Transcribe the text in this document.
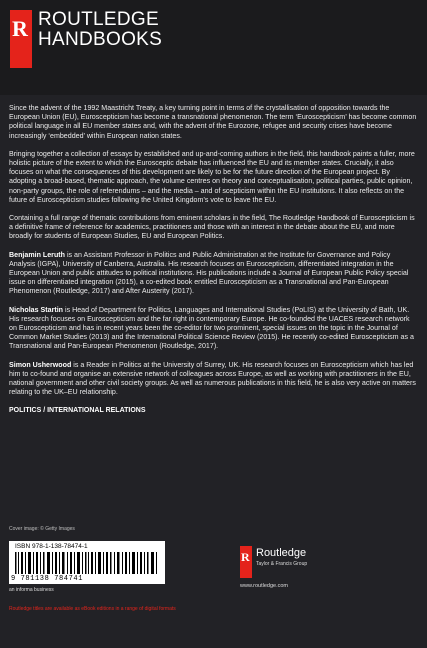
R ROUTLEDGE
HANDBOOKS

Since the advent of the 1992 Maastricht Treaty, a key turning point in terms of the crystallisation of opposition towards the European Union (EU), Euroscepticism has become a transnational phenomenon. The term ‘Euroscepticism’ has become common political language in all EU member states and, with the advent of the Eurozone, refugee and security crises have become increasingly ‘embedded’ within European nation states.

Bringing together a collection of essays by established and up-and-coming authors in the field, this handbook paints a fuller, more holistic picture of the extent to which the Eurosceptic debate has influenced the EU and its member states. Crucially, it also focuses on what the consequences of this development are likely to be for the future direction of the European project. By adopting a broad-based, thematic approach, the volume centres on theory and conceptualisation, political parties, public opinion, non-party groups, the role of referendums – and the media – and of scepticism within the EU institutions. It also reflects on the future of Euroscepticism studies following the United Kingdom’s vote to leave the EU.

Containing a full range of thematic contributions from eminent scholars in the field, The Routledge Handbook of Euroscepticism is a definitive frame of reference for academics, practitioners and those with an interest in the debate about the EU, and more broadly for students of European Studies, EU and European Politics.

Benjamin Leruth is an Assistant Professor in Politics and Public Administration at the Institute for Governance and Policy Analysis (IGPA), University of Canberra, Australia. His research focuses on Euroscepticism, differentiated integration in the European Union and public attitudes to political institutions. His publications include a Journal of European Public Policy special issue on differentiated integration (2015), a co-edited book entitled Euroscepticism as a Transnational and Pan-European Phenomenon (Routledge, 2017) and After Austerity (2017).

Nicholas Startin is Head of Department for Politics, Languages and International Studies (PoLIS) at the University of Bath, UK. His research focuses on Euroscepticism and the far right in contemporary Europe. He co-founded the UACES research network on Euroscepticism and has in recent years been the co-editor for two prominent, special issues on the topic in the Journal of Common Market Studies (2013) and the International Political Science Review (2015). He recently co-edited Euroscepticism as a Transnational and Pan-European Phenomenon (Routledge, 2017).

Simon Usherwood is a Reader in Politics at the University of Surrey, UK. His research focuses on Euroscepticism which has led him to co-found and organise an extensive network of colleagues across Europe, as well as working with practitioners in the EU, national government and other civil society groups. As well as numerous publications in this field, he is also very active on matters relating to the UK–EU relationship.

POLITICS / INTERNATIONAL RELATIONS
Cover image: © Getty Images
ISBN 978-1-138-78474-1
9 781138 784741
an informa business
R Routledge
Taylor & Francis Group
www.routledge.com
Routledge titles are available as eBook editions in a range of digital formats
